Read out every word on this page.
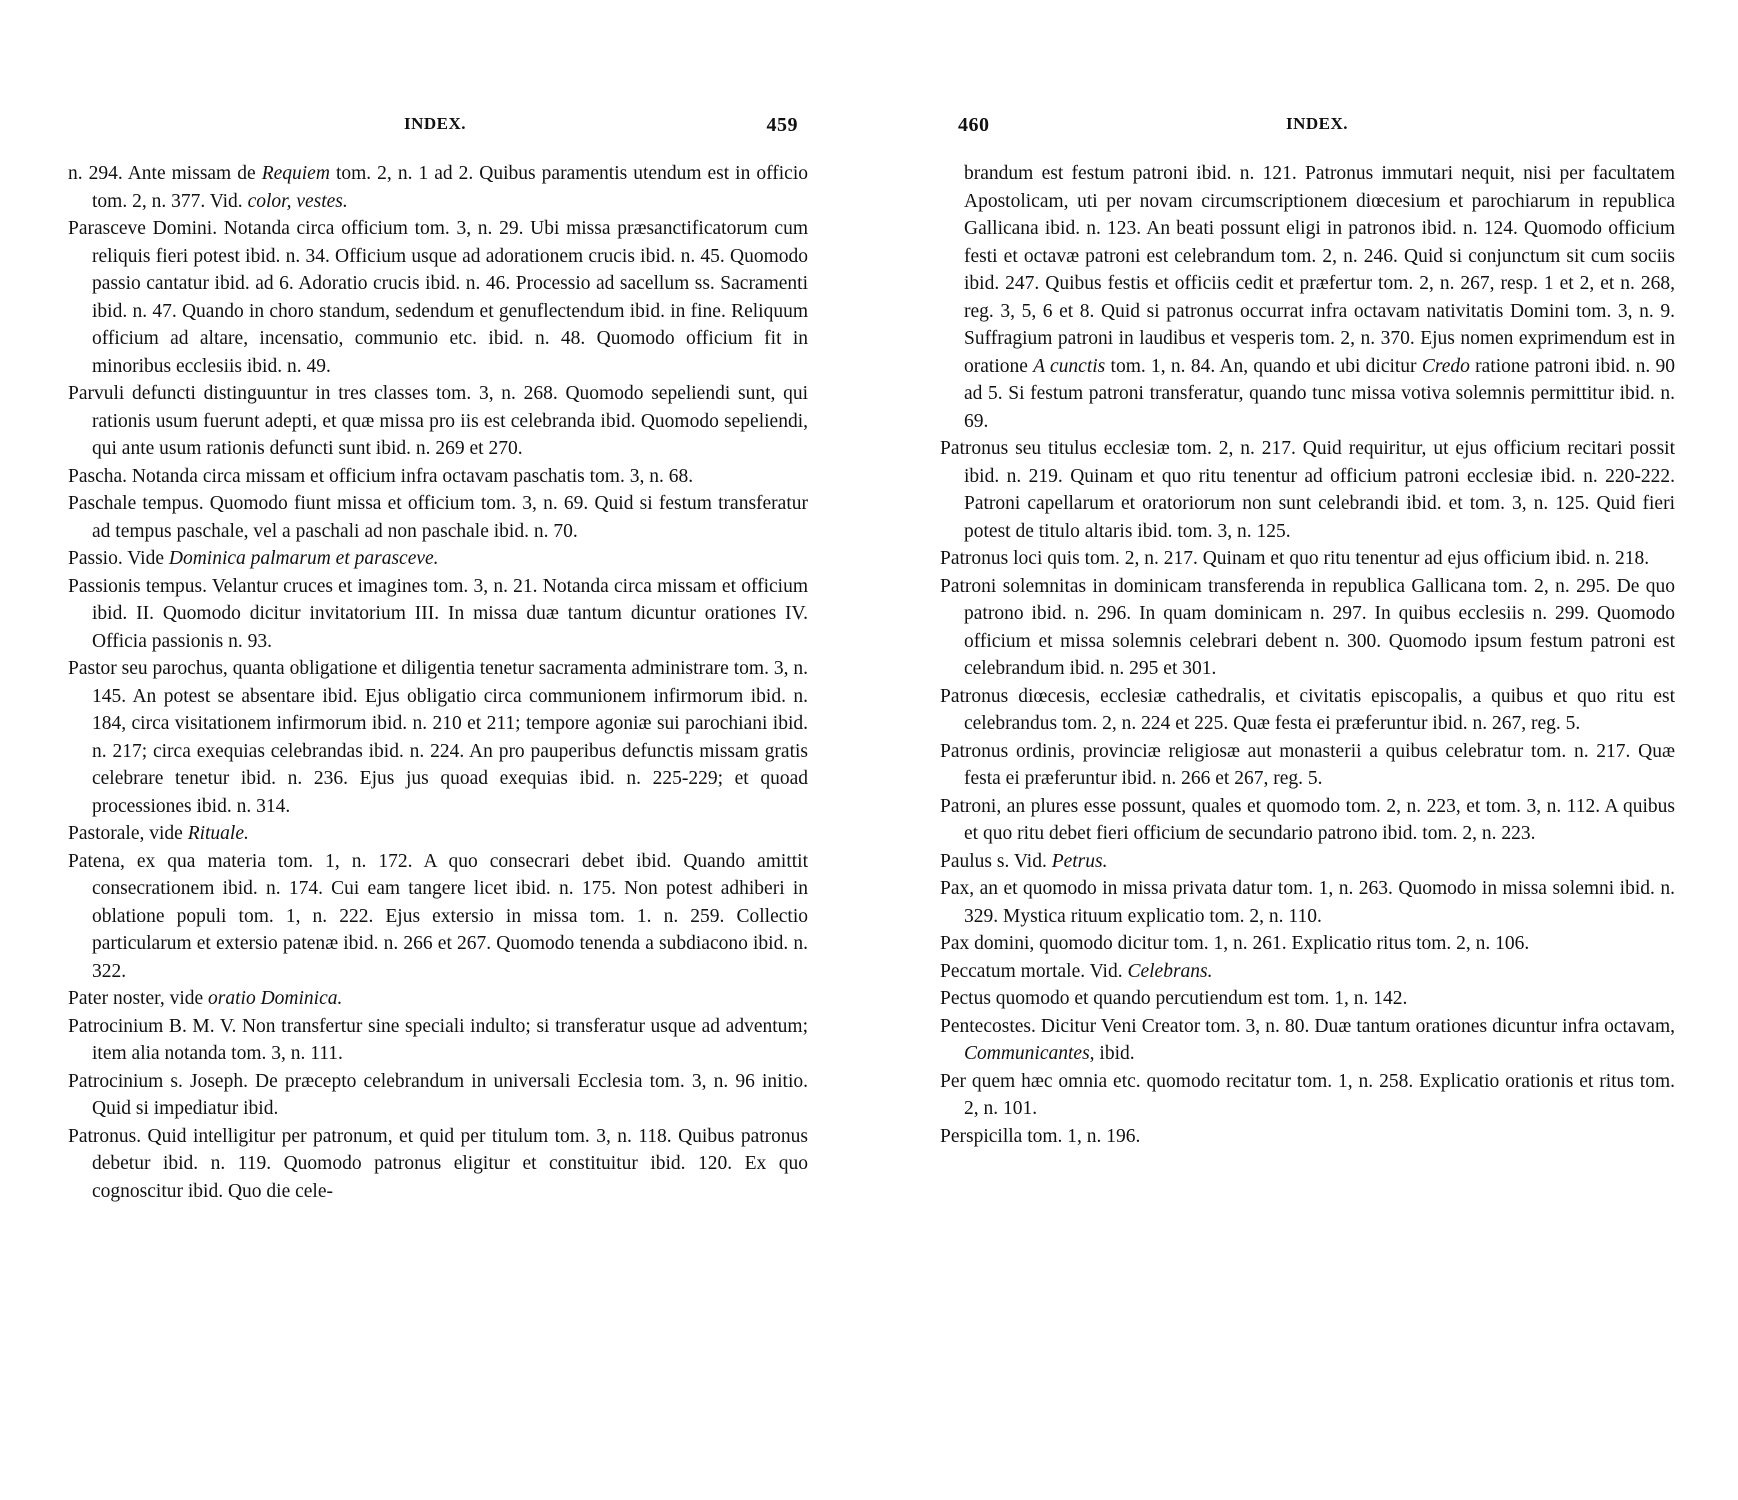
INDEX.	459

n. 294. Ante missam de Requiem tom. 2, n. 1 ad 2. Quibus paramentis utendum est in officio tom. 2, n. 377. Vid. color, vestes.

Parasceve Domini. Notanda circa officium tom. 3, n. 29. Ubi missa præsanctificatorum cum reliquis fieri potest ibid. n. 34. Officium usque ad adorationem crucis ibid. n. 45. Quomodo passio cantatur ibid. ad 6. Adoratio crucis ibid. n. 46. Processio ad sacellum ss. Sacramenti ibid. n. 47. Quando in choro standum, sedendum et genuflectendum ibid. in fine. Reliquum officium ad altare, incensatio, communio etc. ibid. n. 48. Quomodo officium fit in minoribus ecclesiis ibid. n. 49.

Parvuli defuncti distinguuntur in tres classes tom. 3, n. 268. Quomodo sepeliendi sunt, qui rationis usum fuerunt adepti, et quæ missa pro iis est celebranda ibid. Quomodo sepeliendi, qui ante usum rationis defuncti sunt ibid. n. 269 et 270.

Pascha. Notanda circa missam et officium infra octavam paschatis tom. 3, n. 68.

Paschale tempus. Quomodo fiunt missa et officium tom. 3, n. 69. Quid si festum transferatur ad tempus paschale, vel a paschali ad non paschale ibid. n. 70.

Passio. Vide Dominica palmarum et parasceve.

Passionis tempus. Velantur cruces et imagines tom. 3, n. 21. Notanda circa missam et officium ibid. II. Quomodo dicitur invitatorium III. In missa duæ tantum dicuntur orationes IV. Officia passionis n. 93.

Pastor seu parochus, quanta obligatione et diligentia tenetur sacramenta administrare tom. 3, n. 145. An potest se absentare ibid. Ejus obligatio circa communionem infirmorum ibid. n. 184, circa visitationem infirmorum ibid. n. 210 et 211; tempore agoniæ sui parochiani ibid. n. 217; circa exequias celebrandas ibid. n. 224. An pro pauperibus defunctis missam gratis celebrare tenetur ibid. n. 236. Ejus jus quoad exequias ibid. n. 225-229; et quoad processiones ibid. n. 314.

Pastorale, vide Rituale.

Patena, ex qua materia tom. 1, n. 172. A quo consecrari debet ibid. Quando amittit consecrationem ibid. n. 174. Cui eam tangere licet ibid. n. 175. Non potest adhiberi in oblatione populi tom. 1, n. 222. Ejus extersio in missa tom. 1. n. 259. Collectio particularum et extersio patenæ ibid. n. 266 et 267. Quomodo tenenda a subdiacono ibid. n. 322.

Pater noster, vide oratio Dominica.

Patrocinium B. M. V. Non transfertur sine speciali indulto; si transferatur usque ad adventum; item alia notanda tom. 3, n. 111.

Patrocinium s. Joseph. De præcepto celebrandum in universali Ecclesia tom. 3, n. 96 initio. Quid si impediatur ibid.

Patronus. Quid intelligitur per patronum, et quid per titulum tom. 3, n. 118. Quibus patronus debetur ibid. n. 119. Quomodo patronus eligitur et constituitur ibid. 120. Ex quo cognoscitur ibid. Quo die cele-

460	INDEX.

brandum est festum patroni ibid. n. 121. Patronus immutari nequit, nisi per facultatem Apostolicam, uti per novam circumscriptionem diœcesium et parochiarum in republica Gallicana ibid. n. 123. An beati possunt eligi in patronos ibid. n. 124. Quomodo officium festi et octavæ patroni est celebrandum tom. 2, n. 246. Quid si conjunctum sit cum sociis ibid. 247. Quibus festis et officiis cedit et præfertur tom. 2, n. 267, resp. 1 et 2, et n. 268, reg. 3, 5, 6 et 8. Quid si patronus occurrat infra octavam nativitatis Domini tom. 3, n. 9. Suffragium patroni in laudibus et vesperis tom. 2, n. 370. Ejus nomen exprimendum est in oratione A cunctis tom. 1, n. 84. An, quando et ubi dicitur Credo ratione patroni ibid. n. 90 ad 5. Si festum patroni transferatur, quando tunc missa votiva solemnis permittitur ibid. n. 69.

Patronus seu titulus ecclesiæ tom. 2, n. 217. Quid requiritur, ut ejus officium recitari possit ibid. n. 219. Quinam et quo ritu tenentur ad officium patroni ecclesiæ ibid. n. 220-222. Patroni capellarum et oratoriorum non sunt celebrandi ibid. et tom. 3, n. 125. Quid fieri potest de titulo altaris ibid. tom. 3, n. 125.

Patronus loci quis tom. 2, n. 217. Quinam et quo ritu tenentur ad ejus officium ibid. n. 218.

Patroni solemnitas in dominicam transferenda in republica Gallicana tom. 2, n. 295. De quo patrono ibid. n. 296. In quam dominicam n. 297. In quibus ecclesiis n. 299. Quomodo officium et missa solemnis celebrari debent n. 300. Quomodo ipsum festum patroni est celebrandum ibid. n. 295 et 301.

Patronus diœcesis, ecclesiæ cathedralis, et civitatis episcopalis, a quibus et quo ritu est celebrandus tom. 2, n. 224 et 225. Quæ festa ei præferuntur ibid. n. 267, reg. 5.

Patronus ordinis, provinciæ religiosæ aut monasterii a quibus celebratur tom. n. 217. Quæ festa ei præferuntur ibid. n. 266 et 267, reg. 5.

Patroni, an plures esse possunt, quales et quomodo tom. 2, n. 223, et tom. 3, n. 112. A quibus et quo ritu debet fieri officium de secundario patrono ibid. tom. 2, n. 223.

Paulus s. Vid. Petrus.

Pax, an et quomodo in missa privata datur tom. 1, n. 263. Quomodo in missa solemni ibid. n. 329. Mystica rituum explicatio tom. 2, n. 110.

Pax domini, quomodo dicitur tom. 1, n. 261. Explicatio ritus tom. 2, n. 106.

Peccatum mortale. Vid. Celebrans.

Pectus quomodo et quando percutiendum est tom. 1, n. 142.

Pentecostes. Dicitur Veni Creator tom. 3, n. 80. Duæ tantum orationes dicuntur infra octavam, Communicantes, ibid.

Per quem hæc omnia etc. quomodo recitatur tom. 1, n. 258. Explicatio orationis et ritus tom. 2, n. 101.

Perspicilla tom. 1, n. 196.
